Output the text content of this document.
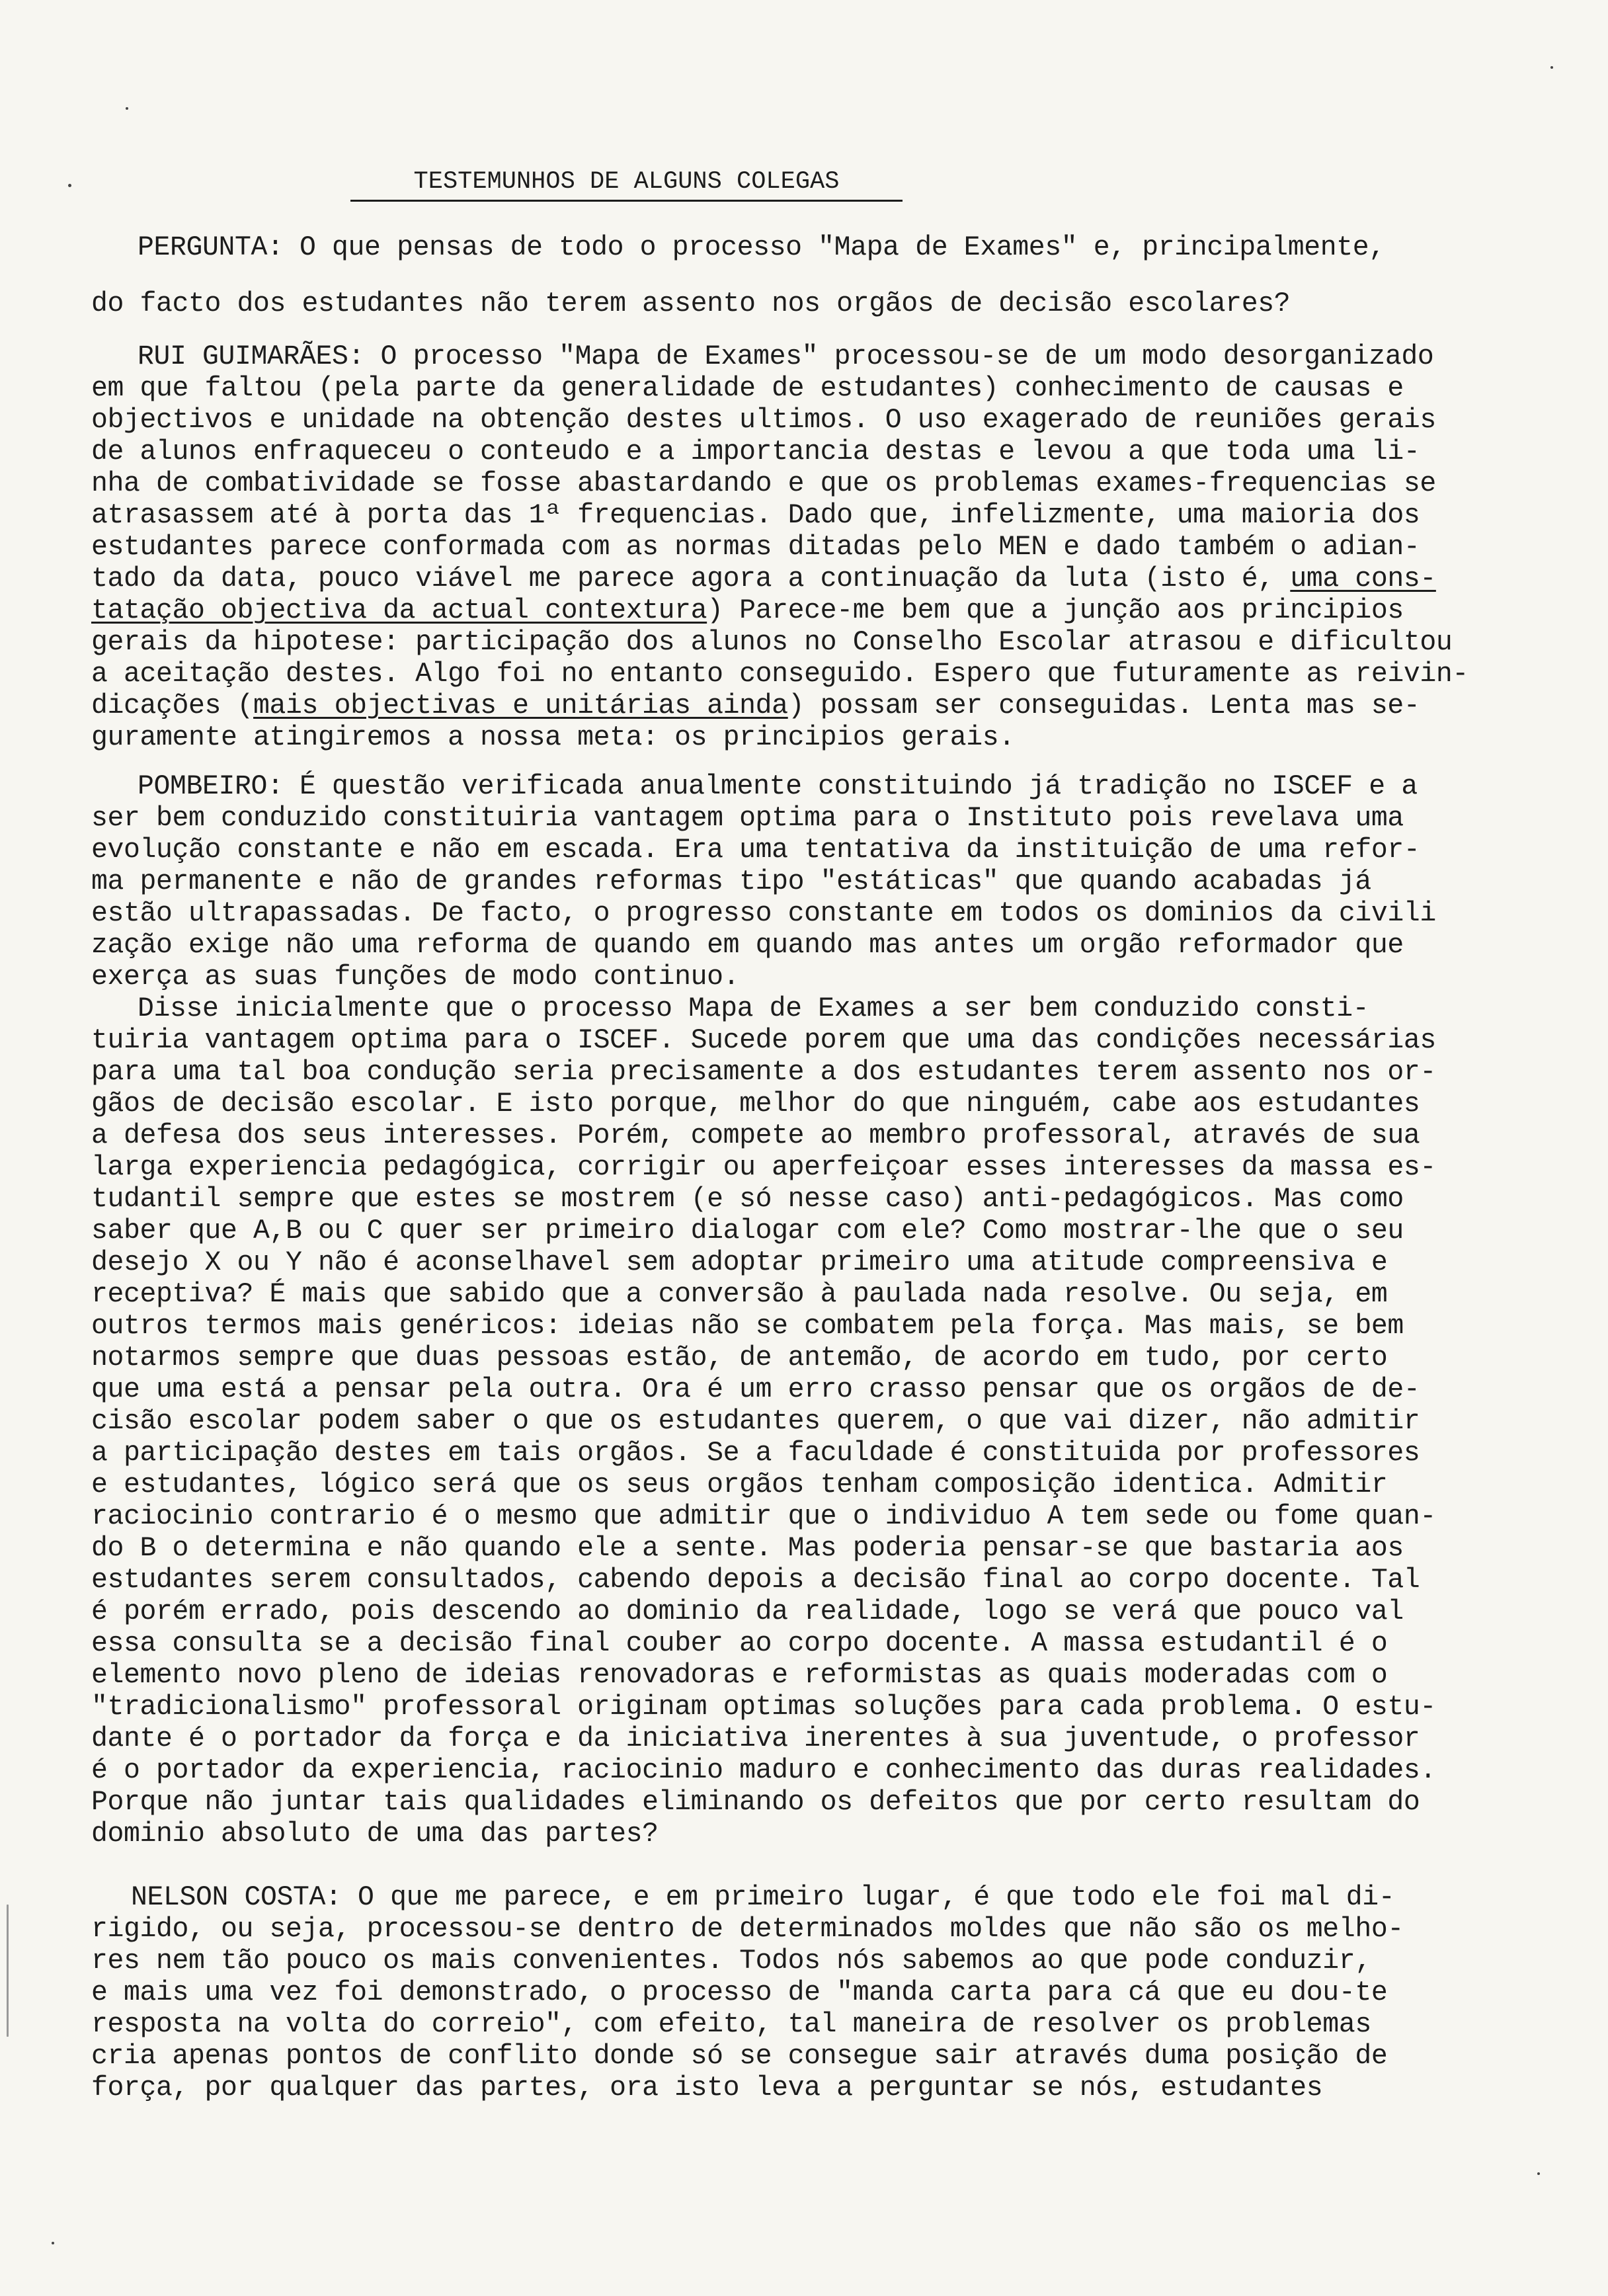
TESTEMUNHOS DE ALGUNS COLEGAS
PERGUNTA: O que pensas de todo o processo "Mapa de Exames" e, principalmente,
do facto dos estudantes não terem assento nos orgãos de decisão escolares?
RUI GUIMARÃES: O processo "Mapa de Exames" processou-se de um modo desorganizado
em que faltou (pela parte da generalidade de estudantes) conhecimento de causas e
objectivos e unidade na obtenção destes ultimos. O uso exagerado de reuniões gerais
de alunos enfraqueceu o conteudo e a importancia destas e levou a que toda uma li-
nha de combatividade se fosse abastardando e que os problemas exames-frequencias se
atrasassem até à porta das 1ª frequencias. Dado que, infelizmente, uma maioria dos
estudantes parece conformada com as normas ditadas pelo MEN e dado também o adian-
tado da data, pouco viável me parece agora a continuação da luta (isto é, uma cons-
tatação objectiva da actual contextura) Parece-me bem que a junção aos principios
gerais da hipotese: participação dos alunos no Conselho Escolar atrasou e dificultou
a aceitação destes. Algo foi no entanto conseguido. Espero que futuramente as reivin-
dicações (mais objectivas e unitárias ainda) possam ser conseguidas. Lenta mas se-
guramente atingiremos a nossa meta: os principios gerais.
POMBEIRO: É questão verificada anualmente constituindo já tradição no ISCEF e a
ser bem conduzido constituiria vantagem optima para o Instituto pois revelava uma
evolução constante e não em escada. Era uma tentativa da instituição de uma refor-
ma permanente e não de grandes reformas tipo "estáticas" que quando acabadas já
estão ultrapassadas. De facto, o progresso constante em todos os dominios da civili
zação exige não uma reforma de quando em quando mas antes um orgão reformador que
exerça as suas funções de modo continuo.
Disse inicialmente que o processo Mapa de Exames a ser bem conduzido consti-
tuiria vantagem optima para o ISCEF. Sucede porem que uma das condições necessárias
para uma tal boa condução seria precisamente a dos estudantes terem assento nos or-
gãos de decisão escolar. E isto porque, melhor do que ninguém, cabe aos estudantes
a defesa dos seus interesses. Porém, compete ao membro professoral, através de sua
larga experiencia pedagógica, corrigir ou aperfeiçoar esses interesses da massa es-
tudantil sempre que estes se mostrem (e só nesse caso) anti-pedagógicos. Mas como
saber que A,B ou C quer ser primeiro dialogar com ele? Como mostrar-lhe que o seu
desejo X ou Y não é aconselhavel sem adoptar primeiro uma atitude compreensiva e
receptiva? É mais que sabido que a conversão à paulada nada resolve. Ou seja, em
outros termos mais genéricos: ideias não se combatem pela força. Mas mais, se bem
notarmos sempre que duas pessoas estão, de antemão, de acordo em tudo, por certo
que uma está a pensar pela outra. Ora é um erro crasso pensar que os orgãos de de-
cisão escolar podem saber o que os estudantes querem, o que vai dizer, não admitir
a participação destes em tais orgãos. Se a faculdade é constituida por professores
e estudantes, lógico será que os seus orgãos tenham composição identica. Admitir
raciocinio contrario é o mesmo que admitir que o individuo A tem sede ou fome quan-
do B o determina e não quando ele a sente. Mas poderia pensar-se que bastaria aos
estudantes serem consultados, cabendo depois a decisão final ao corpo docente. Tal
é porém errado, pois descendo ao dominio da realidade, logo se verá que pouco val
essa consulta se a decisão final couber ao corpo docente. A massa estudantil é o
elemento novo pleno de ideias renovadoras e reformistas as quais moderadas com o
"tradicionalismo" professoral originam optimas soluções para cada problema. O estu-
dante é o portador da força e da iniciativa inerentes à sua juventude, o professor
é o portador da experiencia, raciocinio maduro e conhecimento das duras realidades.
Porque não juntar tais qualidades eliminando os defeitos que por certo resultam do
dominio absoluto de uma das partes?
NELSON COSTA: O que me parece, e em primeiro lugar, é que todo ele foi mal di-
rigido, ou seja, processou-se dentro de determinados moldes que não são os melho-
res nem tão pouco os mais convenientes. Todos nós sabemos ao que pode conduzir,
e mais uma vez foi demonstrado, o processo de "manda carta para cá que eu dou-te
resposta na volta do correio", com efeito, tal maneira de resolver os problemas
cria apenas pontos de conflito donde só se consegue sair através duma posição de
força, por qualquer das partes, ora isto leva a perguntar se nós, estudantes
